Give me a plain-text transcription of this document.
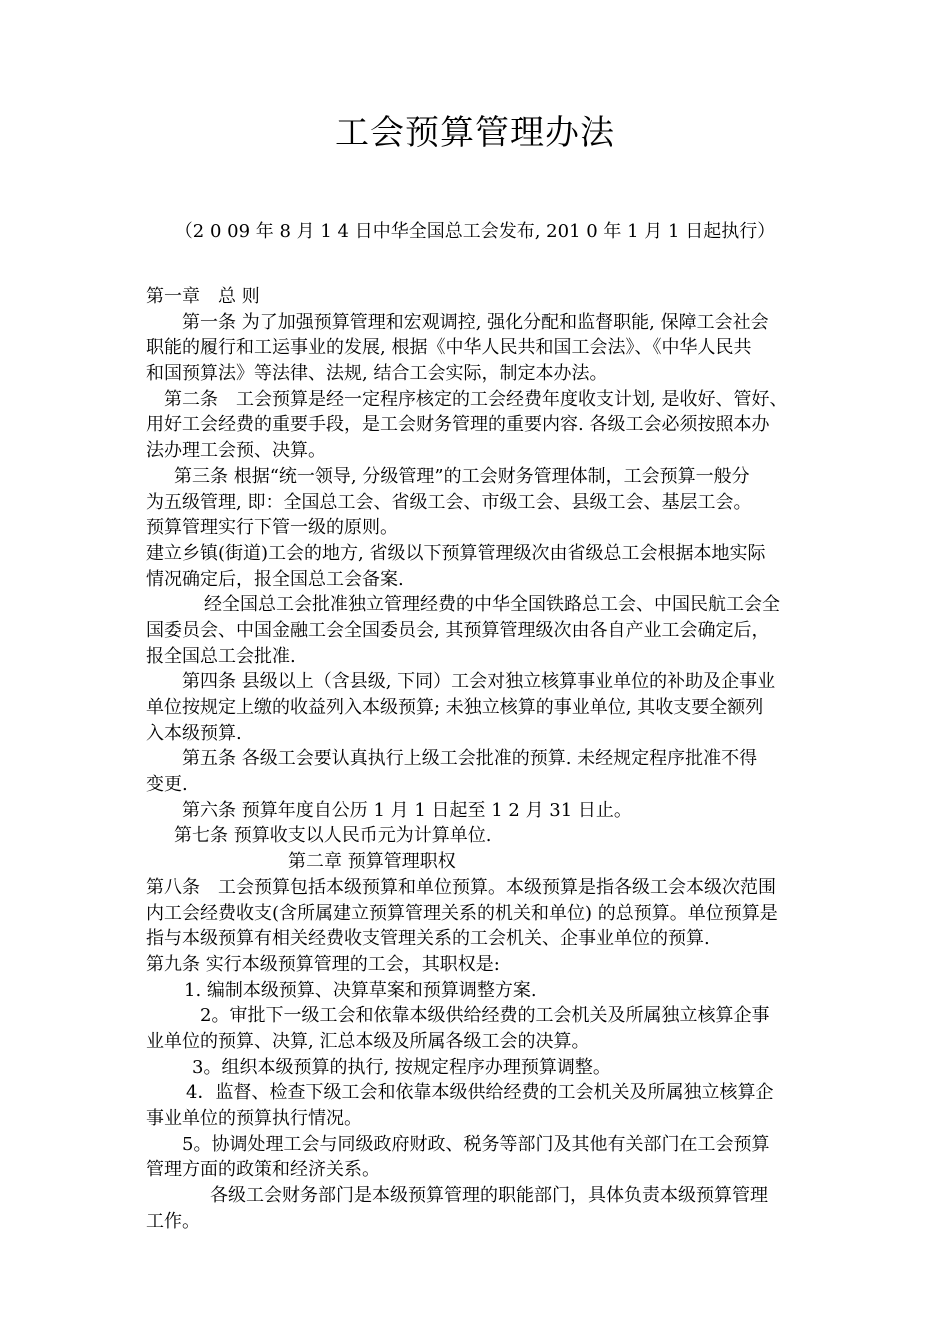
工会预算管理办法
（2 0 09 年 8 月 1 4 日中华全国总工会发布, 201 0 年 1 月 1 日起执行）
第一章　总 则
第一条 为了加强预算管理和宏观调控, 强化分配和监督职能, 保障工会社会
职能的履行和工运事业的发展, 根据《中华人民共和国工会法》、《中华人民共
和国预算法》等法律、法规, 结合工会实际，制定本办法。
第二条　工会预算是经一定程序核定的工会经费年度收支计划, 是收好、管好、
用好工会经费的重要手段，是工会财务管理的重要内容. 各级工会必须按照本办
法办理工会预、决算。
第三条 根据“统一领导, 分级管理”的工会财务管理体制，工会预算一般分
为五级管理, 即：全国总工会、省级工会、市级工会、县级工会、基层工会。
预算管理实行下管一级的原则。
建立乡镇(街道)工会的地方, 省级以下预算管理级次由省级总工会根据本地实际
情况确定后，报全国总工会备案.
经全国总工会批准独立管理经费的中华全国铁路总工会、中国民航工会全
国委员会、中国金融工会全国委员会, 其预算管理级次由各自产业工会确定后，
报全国总工会批准.
第四条 县级以上（含县级, 下同）工会对独立核算事业单位的补助及企事业
单位按规定上缴的收益列入本级预算; 未独立核算的事业单位, 其收支要全额列
入本级预算.
第五条 各级工会要认真执行上级工会批准的预算. 未经规定程序批准不得
变更.
第六条 预算年度自公历 1 月 1 日起至 1 2 月 31 日止。
第七条 预算收支以人民币元为计算单位.
第二章 预算管理职权
第八条　工会预算包括本级预算和单位预算。本级预算是指各级工会本级次范围
内工会经费收支(含所属建立预算管理关系的机关和单位) 的总预算。单位预算是
指与本级预算有相关经费收支管理关系的工会机关、企事业单位的预算.
第九条 实行本级预算管理的工会，其职权是:
1. 编制本级预算、决算草案和预算调整方案.
2。审批下一级工会和依靠本级供给经费的工会机关及所属独立核算企事
业单位的预算、决算, 汇总本级及所属各级工会的决算。
3。组织本级预算的执行, 按规定程序办理预算调整。
4．监督、检查下级工会和依靠本级供给经费的工会机关及所属独立核算企
事业单位的预算执行情况。
5。协调处理工会与同级政府财政、税务等部门及其他有关部门在工会预算
管理方面的政策和经济关系。
各级工会财务部门是本级预算管理的职能部门，具体负责本级预算管理
工作。
